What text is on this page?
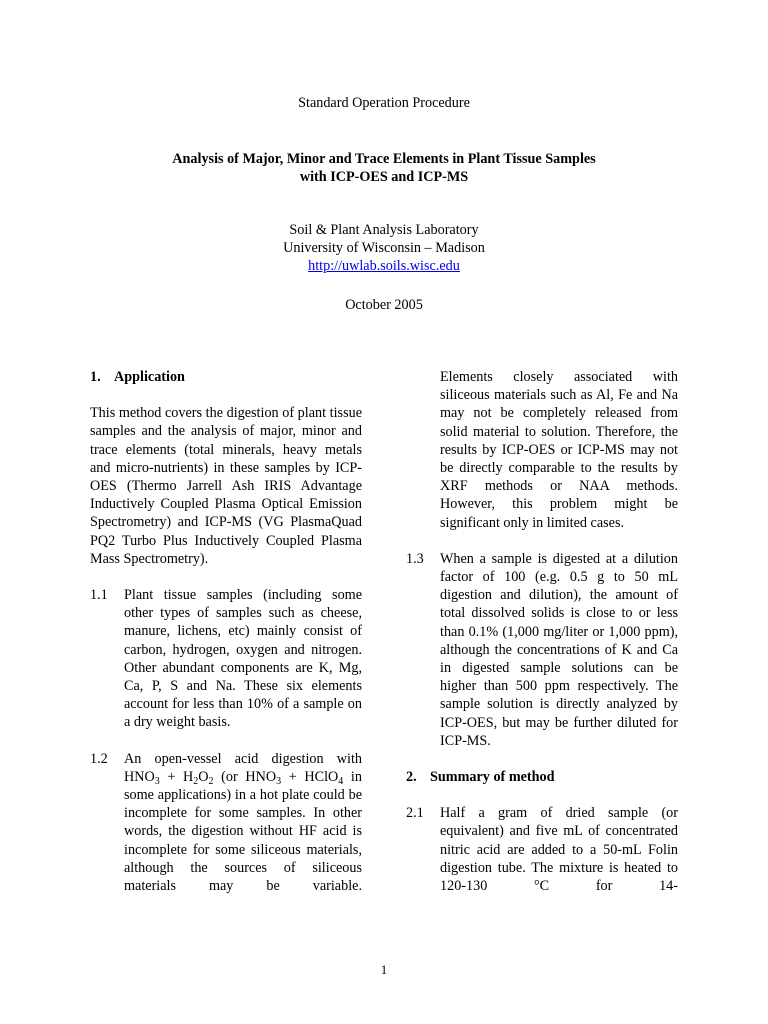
Standard Operation Procedure
Analysis of Major, Minor and Trace Elements in Plant Tissue Samples
with ICP-OES and ICP-MS
Soil & Plant Analysis Laboratory
University of Wisconsin – Madison
http://uwlab.soils.wisc.edu
October 2005
1. Application
This method covers the digestion of plant tissue samples and the analysis of major, minor and trace elements (total minerals, heavy metals and micro-nutrients) in these samples by ICP-OES (Thermo Jarrell Ash IRIS Advantage Inductively Coupled Plasma Optical Emission Spectrometry) and ICP-MS (VG PlasmaQuad PQ2 Turbo Plus Inductively Coupled Plasma Mass Spectrometry).
1.1 Plant tissue samples (including some other types of samples such as cheese, manure, lichens, etc) mainly consist of carbon, hydrogen, oxygen and nitrogen. Other abundant components are K, Mg, Ca, P, S and Na. These six elements account for less than 10% of a sample on a dry weight basis.
1.2 An open-vessel acid digestion with $HNO_3 + H_2O_2$ (or $HNO_3$ + HClO$_4$ in some applications) in a hot plate could be incomplete for some samples. In other words, the digestion without HF acid is incomplete for some siliceous materials, although the sources of siliceous materials may be variable.
Elements closely associated with siliceous materials such as Al, Fe and Na may not be completely released from solid material to solution. Therefore, the results by ICP-OES or ICP-MS may not be directly comparable to the results by XRF methods or NAA methods. However, this problem might be significant only in limited cases.
1.3 When a sample is digested at a dilution factor of 100 (e.g. 0.5 g to 50 mL digestion and dilution), the amount of total dissolved solids is close to or less than 0.1% (1,000 mg/liter or 1,000 ppm), although the concentrations of K and Ca in digested sample solutions can be higher than 500 ppm respectively. The sample solution is directly analyzed by ICP-OES, but may be further diluted for ICP-MS.
2. Summary of method
2.1 Half a gram of dried sample (or equivalent) and five mL of concentrated nitric acid are added to a 50-mL Folin digestion tube. The mixture is heated to 120-130 °C for 14-
1
